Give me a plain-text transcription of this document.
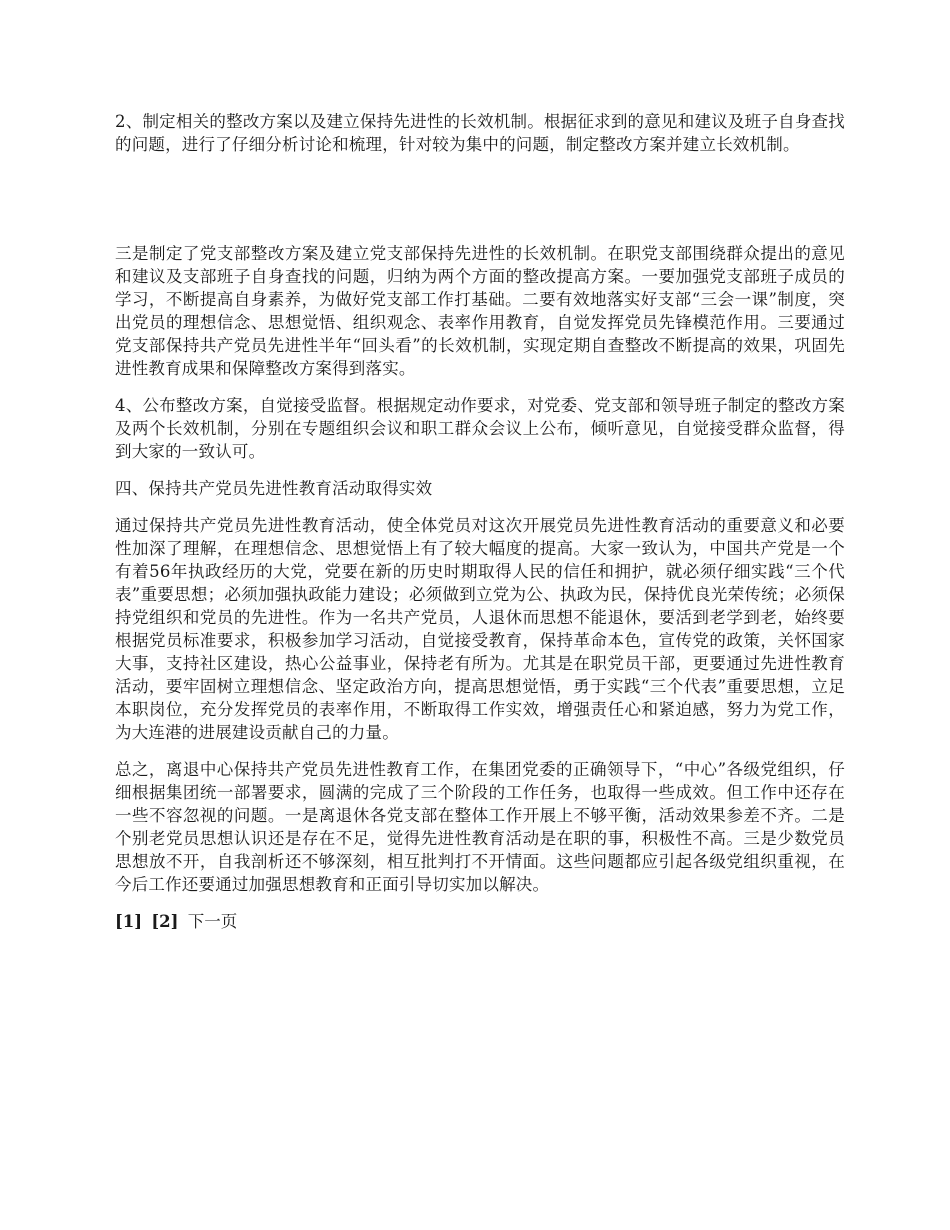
2、制定相关的整改方案以及建立保持先进性的长效机制。根据征求到的意见和建议及班子自身查找的问题，进行了仔细分析讨论和梳理，针对较为集中的问题，制定整改方案并建立长效机制。

三是制定了党支部整改方案及建立党支部保持先进性的长效机制。在职党支部围绕群众提出的意见和建议及支部班子自身查找的问题，归纳为两个方面的整改提高方案。一要加强党支部班子成员的学习，不断提高自身素养，为做好党支部工作打基础。二要有效地落实好支部“三会一课”制度，突出党员的理想信念、思想觉悟、组织观念、表率作用教育，自觉发挥党员先锋模范作用。三要通过党支部保持共产党员先进性半年“回头看”的长效机制，实现定期自查整改不断提高的效果，巩固先进性教育成果和保障整改方案得到落实。

4、公布整改方案，自觉接受监督。根据规定动作要求，对党委、党支部和领导班子制定的整改方案及两个长效机制，分别在专题组织会议和职工群众会议上公布，倾听意见，自觉接受群众监督，得到大家的一致认可。

四、保持共产党员先进性教育活动取得实效

通过保持共产党员先进性教育活动，使全体党员对这次开展党员先进性教育活动的重要意义和必要性加深了理解，在理想信念、思想觉悟上有了较大幅度的提高。大家一致认为，中国共产党是一个有着56年执政经历的大党，党要在新的历史时期取得人民的信任和拥护，就必须仔细实践“三个代表”重要思想；必须加强执政能力建设；必须做到立党为公、执政为民，保持优良光荣传统；必须保持党组织和党员的先进性。作为一名共产党员，人退休而思想不能退休，要活到老学到老，始终要根据党员标准要求，积极参加学习活动，自觉接受教育，保持革命本色，宣传党的政策，关怀国家大事，支持社区建设，热心公益事业，保持老有所为。尤其是在职党员干部，更要通过先进性教育活动，要牢固树立理想信念、坚定政治方向，提高思想觉悟，勇于实践“三个代表”重要思想，立足本职岗位，充分发挥党员的表率作用，不断取得工作实效，增强责任心和紧迫感，努力为党工作，为大连港的进展建设贡献自己的力量。

总之，离退中心保持共产党员先进性教育工作，在集团党委的正确领导下，“中心”各级党组织，仔细根据集团统一部署要求，圆满的完成了三个阶段的工作任务，也取得一些成效。但工作中还存在一些不容忽视的问题。一是离退休各党支部在整体工作开展上不够平衡，活动效果参差不齐。二是个别老党员思想认识还是存在不足，觉得先进性教育活动是在职的事，积极性不高。三是少数党员思想放不开，自我剖析还不够深刻，相互批判打不开情面。这些问题都应引起各级党组织重视，在今后工作还要通过加强思想教育和正面引导切实加以解决。

[1] [2] 下一页
